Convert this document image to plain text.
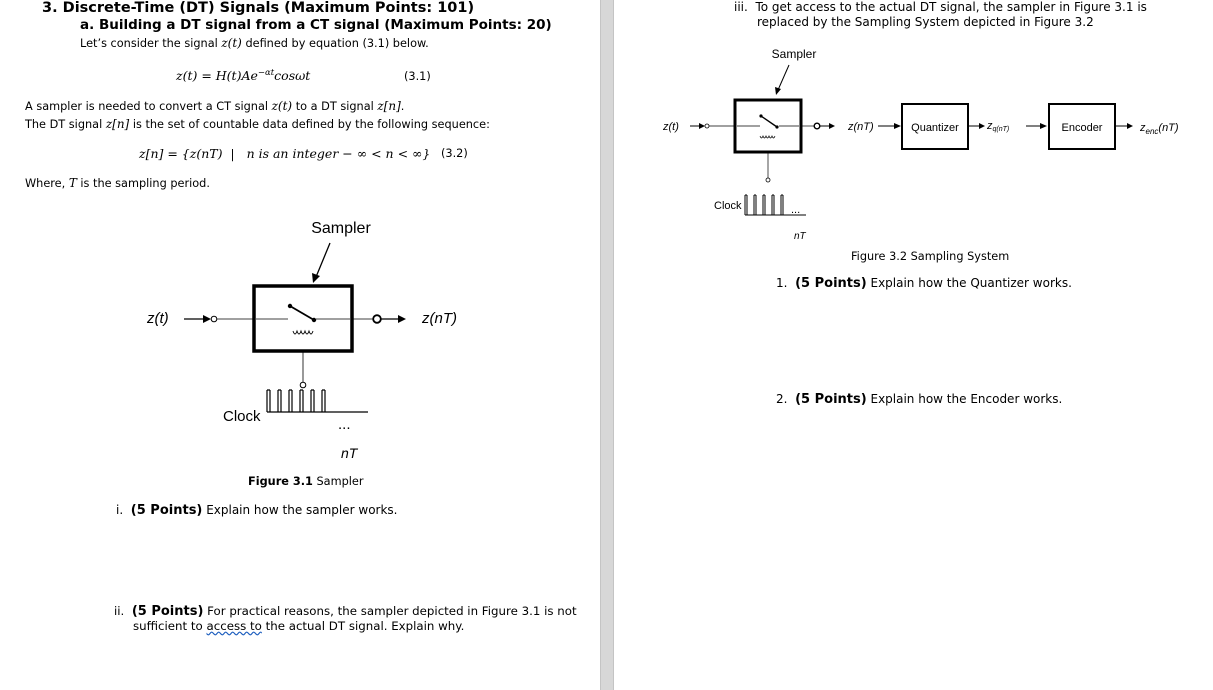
3. Discrete-Time (DT) Signals (Maximum Points: 101)
a. Building a DT signal from a CT signal (Maximum Points: 20)
Let’s consider the signal z(t) defined by equation (3.1) below.
$z(t) = H(t)Ae^{-\alpha t}\cos\omega t$	(3.1)
A sampler is needed to convert a CT signal z(t) to a DT signal z[n].
The DT signal z[n] is the set of countable data defined by the following sequence:
z[n] = {z(nT)  |   n is an integer − ∞ < n < ∞} (3.2)
Where, T is the sampling period.
Sampler
z(t)	z(nT)
Clock	...
nT
Figure 3.1 Sampler
i. (5 Points) Explain how the sampler works.
ii. (5 Points) For practical reasons, the sampler depicted in Figure 3.1 is not
sufficient to access to the actual DT signal. Explain why.
iii. To get access to the actual DT signal, the sampler in Figure 3.1 is
replaced by the Sampling System depicted in Figure 3.2
Sampler
z(t)	z(nT)	Quantizer	zq(nT)	Encoder	$z_{enc}(nT)$
Clock	...
nT
Figure 3.2 Sampling System
1. (5 Points) Explain how the Quantizer works.
2. (5 Points) Explain how the Encoder works.
